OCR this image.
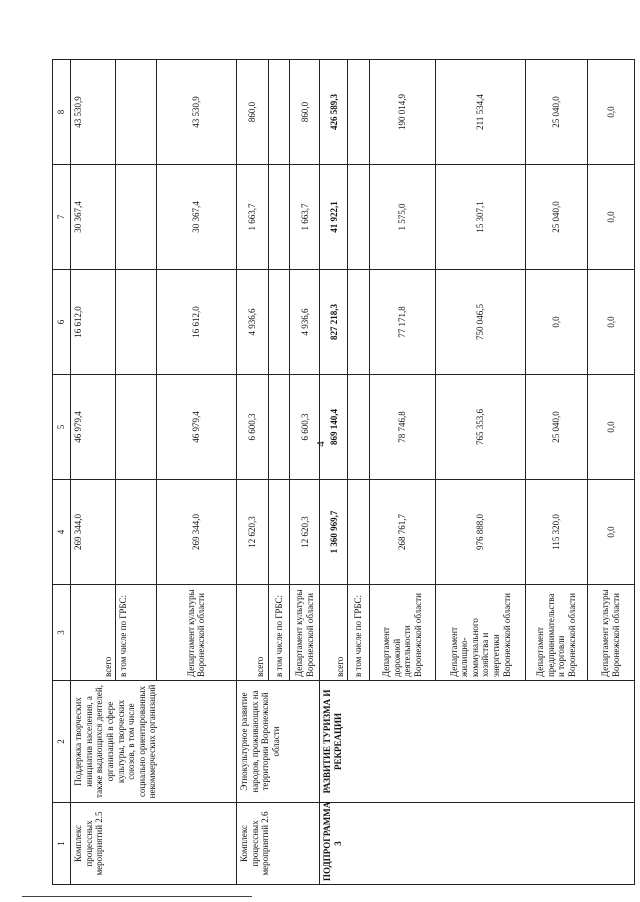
4
1	2	3	4	5	6	7	8
Комплекс процессных мероприятий 2.5	Поддержка творческих инициатив населения, а также выдающихся деятелей, организаций в сфере культуры, творческих союзов, в том числе социально ориентированных некоммерческих организаций	всего	269 344,0	46 979,4	16 612,0	30 367,4	43 530,9
		в том числе по ГРБС:					
		Департамент культуры Воронежской области	269 344,0	46 979,4	16 612,0	30 367,4	43 530,9
Комплекс процессных мероприятий 2.6	Этнокультурное развитие народов, проживающих на территории Воронежской области	всего	12 620,3	6 600,3	4 936,6	1 663,7	860,0
		в том числе по ГРБС:					
		Департамент культуры Воронежской области	12 620,3	6 600,3	4 936,6	1 663,7	860,0
ПОДПРОГРАММА 3	РАЗВИТИЕ ТУРИЗМА И РЕКРЕАЦИИ	всего	1 360 969,7	869 140,4	827 218,3	41 922,1	426 589,3
		в том числе по ГРБС:					
		Департамент дорожной деятельности Воронежской области	268 761,7	78 746,8	77 171,8	1 575,0	190 014,9
		Департамент жилищно-коммунального хозяйства и энергетики Воронежской области	976 888,0	765 353,6	750 046,5	15 307,1	211 534,4
		Департамент предпринимательства и торговли Воронежской области	115 320,0	25 040,0	0,0	25 040,0	25 040,0
		Департамент культуры Воронежской области	0,0	0,0	0,0	0,0	0,0
